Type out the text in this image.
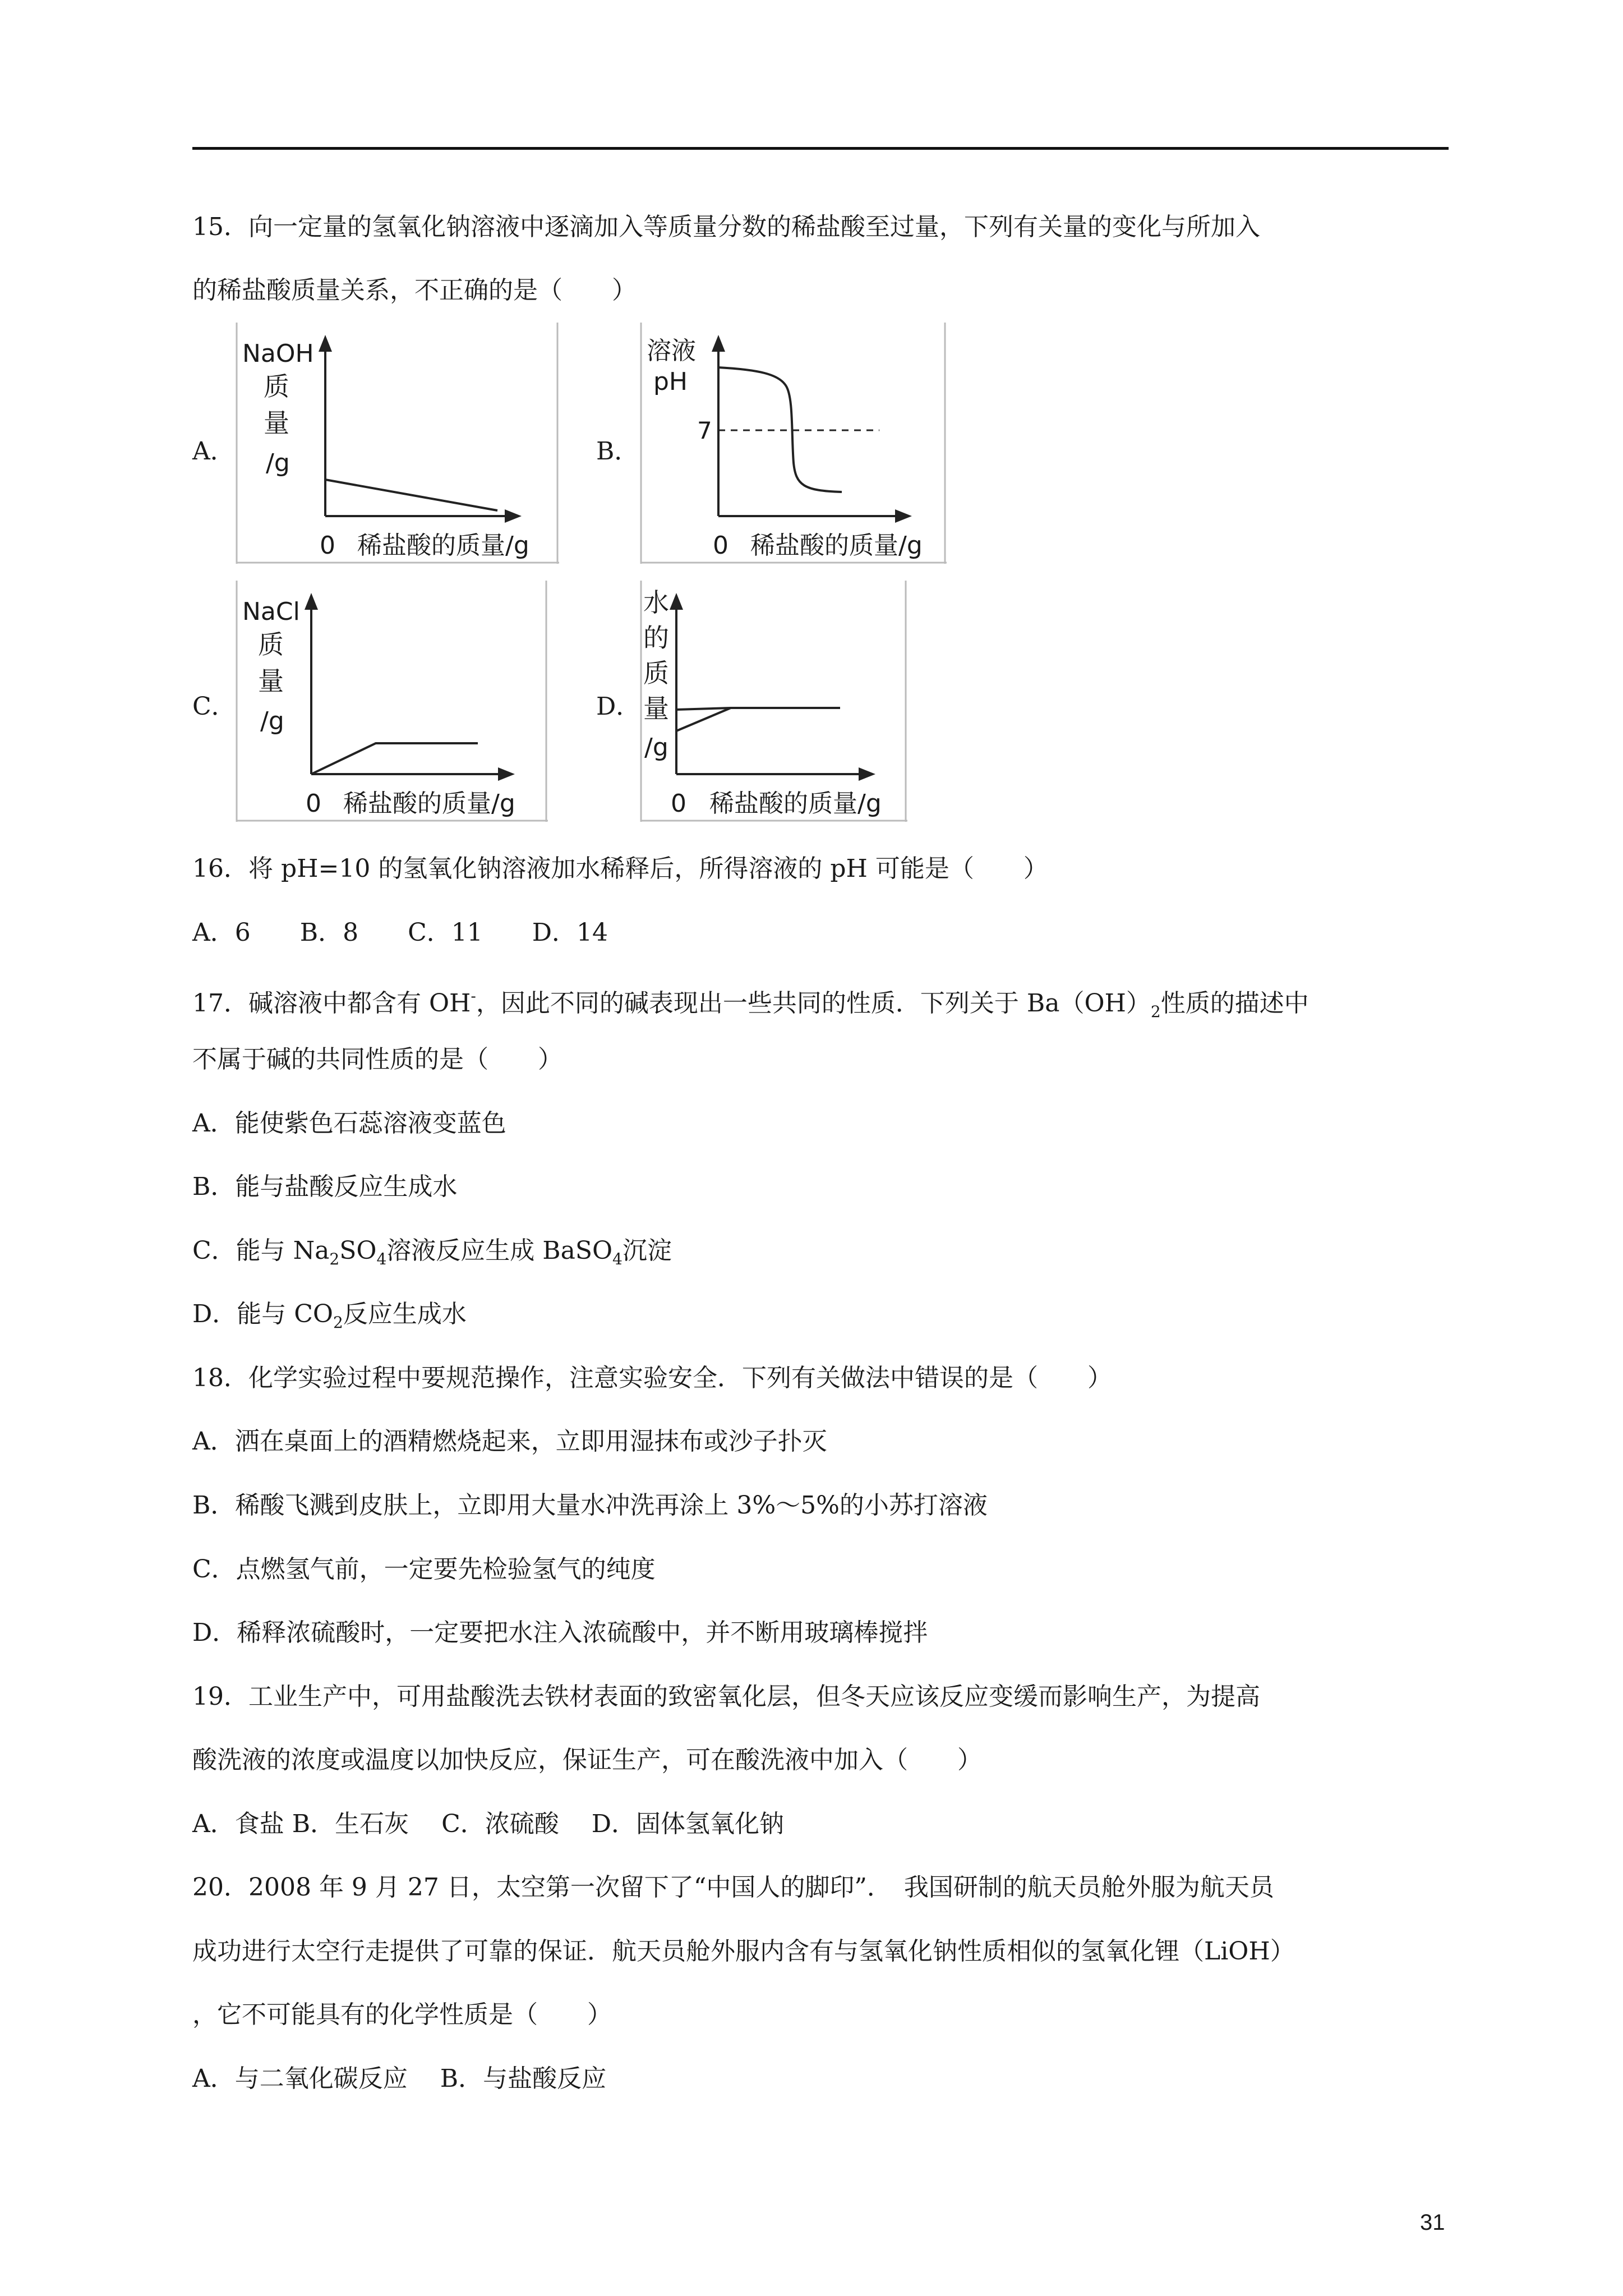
15．向一定量的氢氧化钠溶液中逐滴加入等质量分数的稀盐酸至过量，下列有关量的变化与所加入
的稀盐酸质量关系，不正确的是（　　）
A．	B．
C．	D．
NaOH
质
量
/g
0 稀盐酸的质量/g
溶液
pH
7
0 稀盐酸的质量/g
NaCl
质
量
/g
0 稀盐酸的质量/g
水
的
质
量
/g
0 稀盐酸的质量/g
16．将 pH=10 的氢氧化钠溶液加水稀释后，所得溶液的 pH 可能是（　　）
A．6　　B．8　　C．11　　D．14
17．碱溶液中都含有 OH-，因此不同的碱表现出一些共同的性质．下列关于 $Ba(OH)_2$性质的描述中
不属于碱的共同性质的是（　　）
A．能使紫色石蕊溶液变蓝色
B．能与盐酸反应生成水
C．能与 $Na_2SO_4$溶液反应生成 BaSO$_4$沉淀
D．能与 $CO_2$反应生成水
18．化学实验过程中要规范操作，注意实验安全．下列有关做法中错误的是（　　）
A．洒在桌面上的酒精燃烧起来，立即用湿抹布或沙子扑灭
B．稀酸飞溅到皮肤上，立即用大量水冲洗再涂上 3%～5%的小苏打溶液
C．点燃氢气前，一定要先检验氢气的纯度
D．稀释浓硫酸时，一定要把水注入浓硫酸中，并不断用玻璃棒搅拌
19．工业生产中，可用盐酸洗去铁材表面的致密氧化层，但冬天应该反应变缓而影响生产，为提高
酸洗液的浓度或温度以加快反应，保证生产，可在酸洗液中加入（　　）
A．食盐 B．生石灰　 C．浓硫酸　 D．固体氢氧化钠
20．2008 年 9 月 27 日，太空第一次留下了“中国人的脚印”．　我国研制的航天员舱外服为航天员
成功进行太空行走提供了可靠的保证．航天员舱外服内含有与氢氧化钠性质相似的氢氧化锂（LiOH）
，它不可能具有的化学性质是（　　）
A．与二氧化碳反应　 B．与盐酸反应
31
